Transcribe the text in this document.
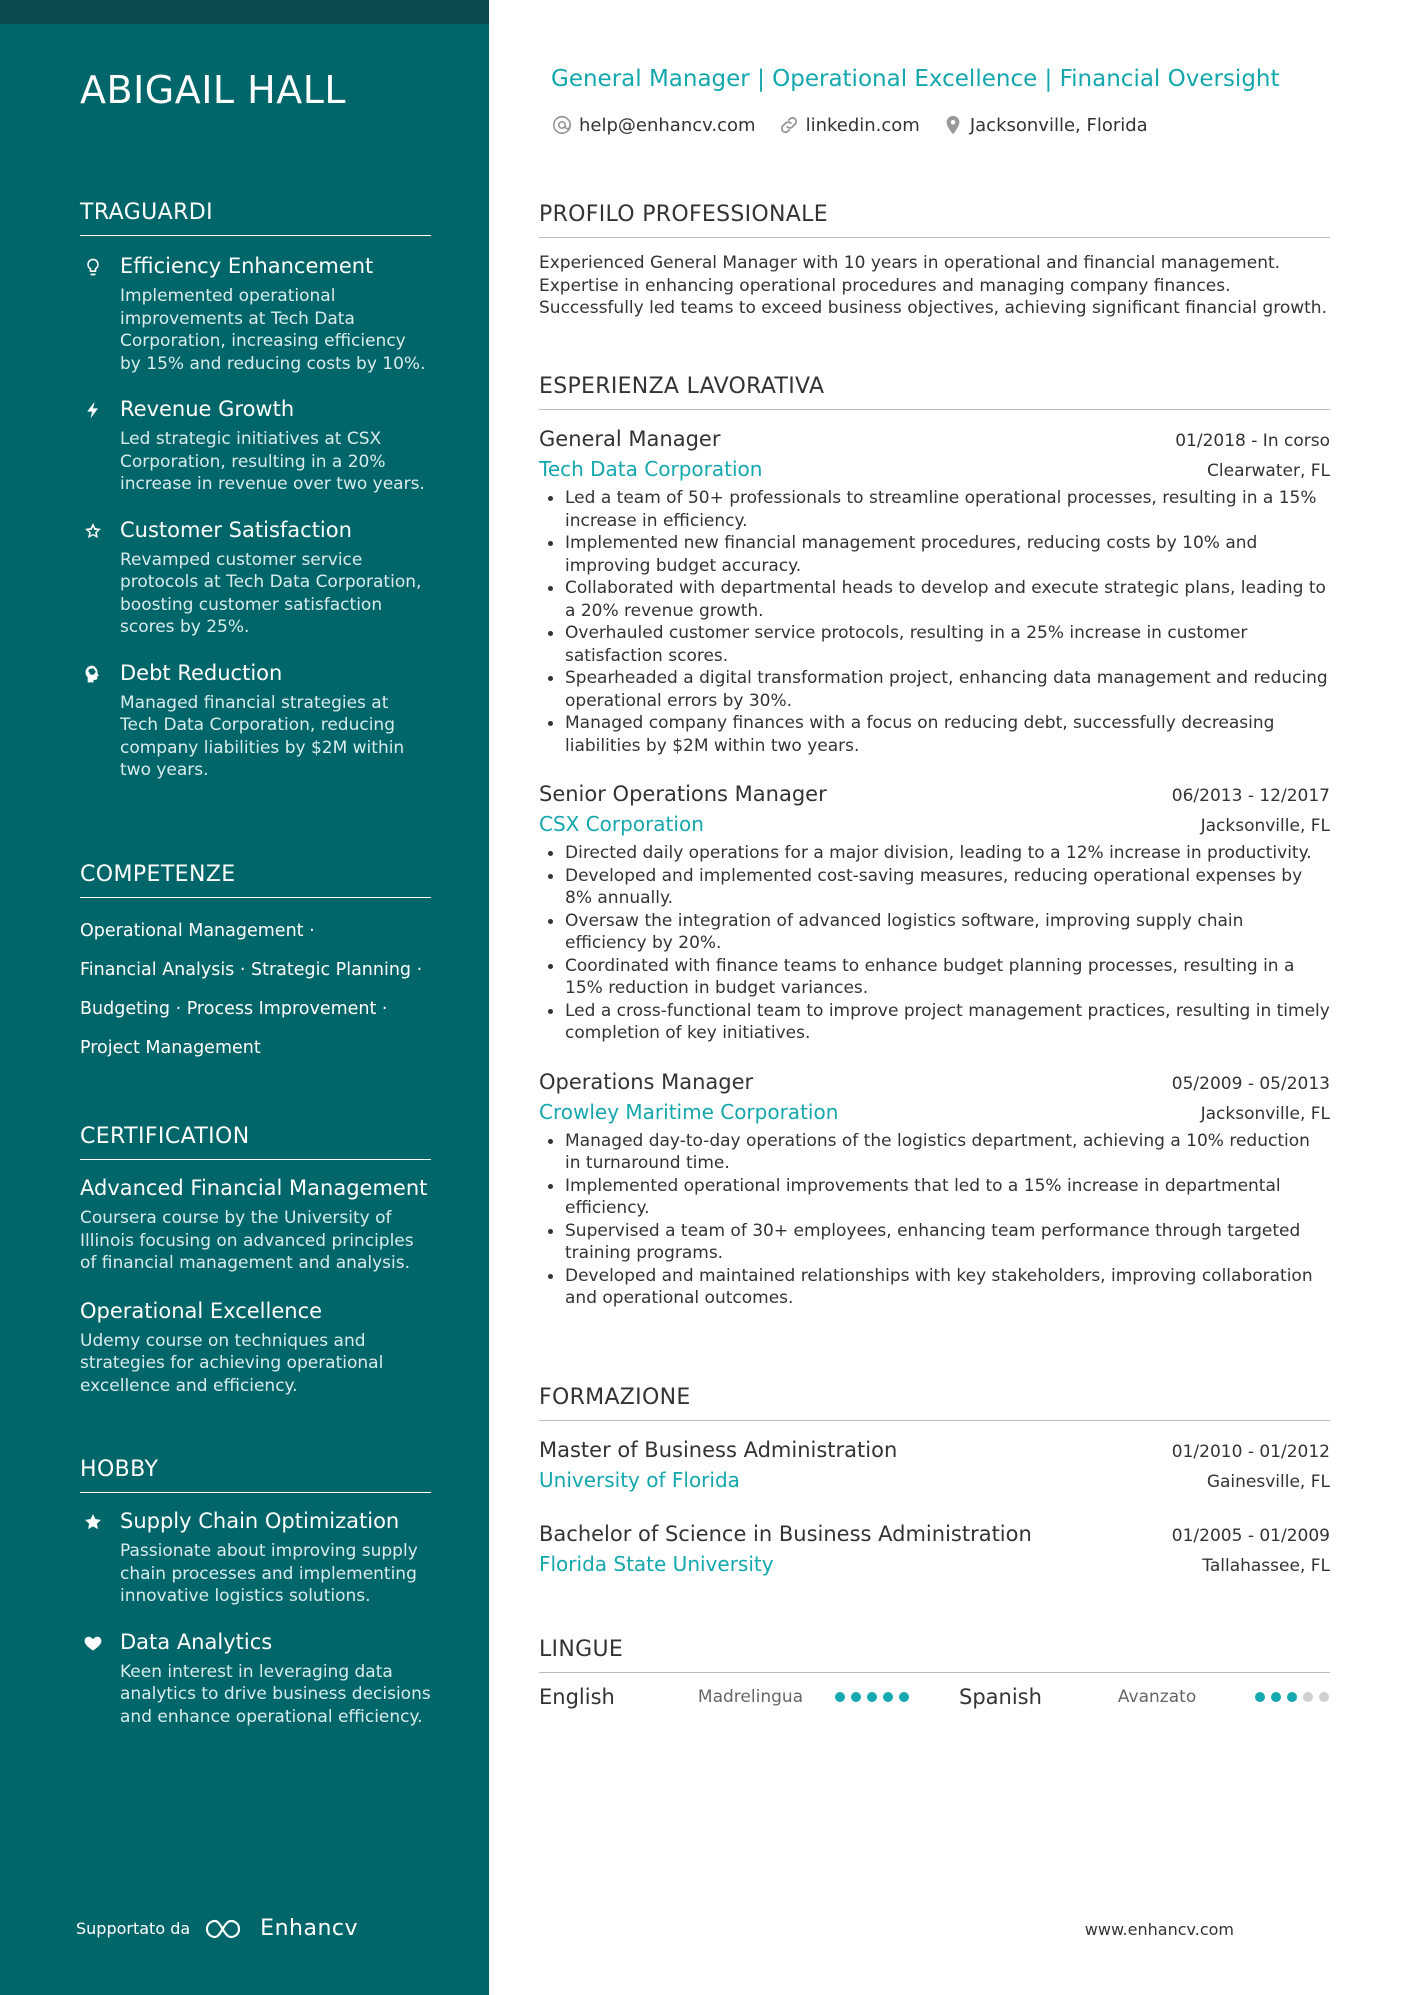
ABIGAIL HALL
TRAGUARDI
Efficiency Enhancement
Implemented operational improvements at Tech Data Corporation, increasing efficiency by 15% and reducing costs by 10%.
Revenue Growth
Led strategic initiatives at CSX Corporation, resulting in a 20% increase in revenue over two years.
Customer Satisfaction
Revamped customer service protocols at Tech Data Corporation, boosting customer satisfaction scores by 25%.
Debt Reduction
Managed financial strategies at Tech Data Corporation, reducing company liabilities by $2M within two years.
COMPETENZE
Operational Management ·
Financial Analysis · Strategic Planning ·
Budgeting · Process Improvement ·
Project Management
CERTIFICATION
Advanced Financial Management
Coursera course by the University of Illinois focusing on advanced principles of financial management and analysis.
Operational Excellence
Udemy course on techniques and strategies for achieving operational excellence and efficiency.
HOBBY
Supply Chain Optimization
Passionate about improving supply chain processes and implementing innovative logistics solutions.
Data Analytics
Keen interest in leveraging data analytics to drive business decisions and enhance operational efficiency.
Supportato da	Enhancv
General Manager | Operational Excellence | Financial Oversight
help@enhancv.com	linkedin.com	Jacksonville, Florida
PROFILO PROFESSIONALE
Experienced General Manager with 10 years in operational and financial management. Expertise in enhancing operational procedures and managing company finances. Successfully led teams to exceed business objectives, achieving significant financial growth.
ESPERIENZA LAVORATIVA
General Manager	01/2018 - In corso
Tech Data Corporation	Clearwater, FL
Led a team of 50+ professionals to streamline operational processes, resulting in a 15% increase in efficiency.
Implemented new financial management procedures, reducing costs by 10% and improving budget accuracy.
Collaborated with departmental heads to develop and execute strategic plans, leading to a 20% revenue growth.
Overhauled customer service protocols, resulting in a 25% increase in customer satisfaction scores.
Spearheaded a digital transformation project, enhancing data management and reducing operational errors by 30%.
Managed company finances with a focus on reducing debt, successfully decreasing liabilities by $2M within two years.
Senior Operations Manager	06/2013 - 12/2017
CSX Corporation	Jacksonville, FL
Directed daily operations for a major division, leading to a 12% increase in productivity.
Developed and implemented cost-saving measures, reducing operational expenses by 8% annually.
Oversaw the integration of advanced logistics software, improving supply chain efficiency by 20%.
Coordinated with finance teams to enhance budget planning processes, resulting in a 15% reduction in budget variances.
Led a cross-functional team to improve project management practices, resulting in timely completion of key initiatives.
Operations Manager	05/2009 - 05/2013
Crowley Maritime Corporation	Jacksonville, FL
Managed day-to-day operations of the logistics department, achieving a 10% reduction in turnaround time.
Implemented operational improvements that led to a 15% increase in departmental efficiency.
Supervised a team of 30+ employees, enhancing team performance through targeted training programs.
Developed and maintained relationships with key stakeholders, improving collaboration and operational outcomes.
FORMAZIONE
Master of Business Administration	01/2010 - 01/2012
University of Florida	Gainesville, FL
Bachelor of Science in Business Administration	01/2005 - 01/2009
Florida State University	Tallahassee, FL
LINGUE
English	Madrelingua	Spanish	Avanzato
www.enhancv.com
